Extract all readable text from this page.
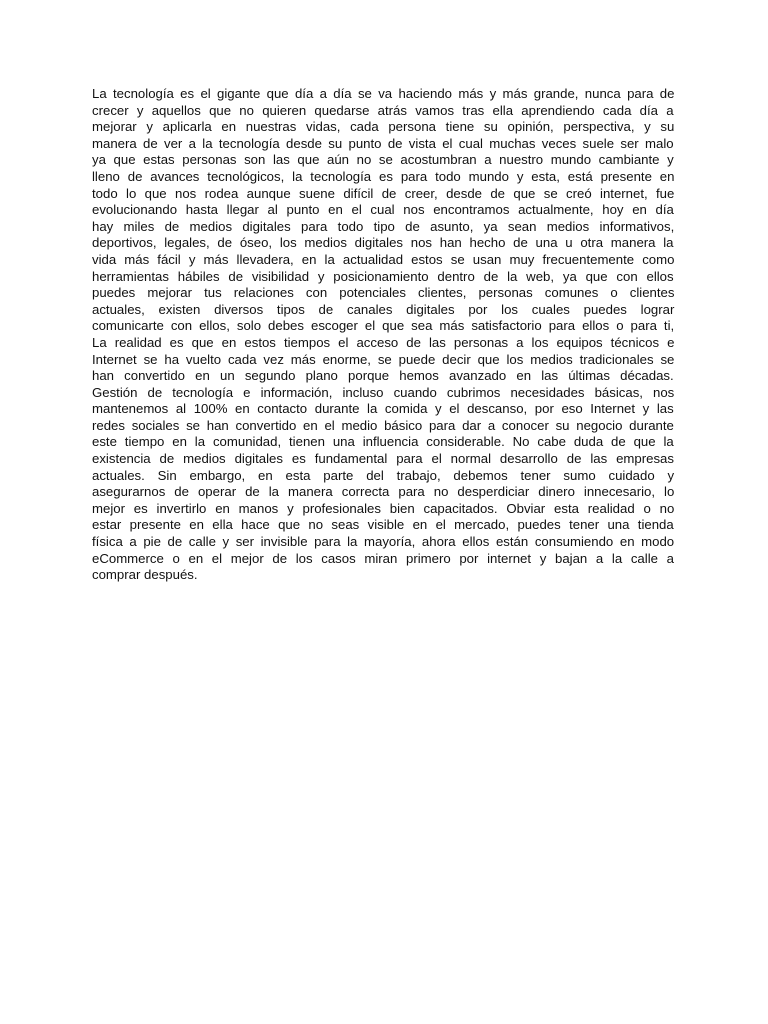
La tecnología es el gigante que día a día se va haciendo más y más grande, nunca para de
crecer y aquellos que no quieren quedarse atrás vamos tras ella aprendiendo cada día a
mejorar y aplicarla en nuestras vidas, cada persona tiene su opinión, perspectiva, y su
manera de ver a la tecnología desde su punto de vista el cual muchas veces suele ser malo
ya que estas personas son las que aún no se acostumbran a nuestro mundo cambiante y
lleno de avances tecnológicos, la tecnología es para todo mundo y esta, está presente en
todo lo que nos rodea aunque suene difícil de creer, desde de que se creó internet, fue
evolucionando hasta llegar al punto en el cual nos encontramos actualmente, hoy en día
hay miles de medios digitales para todo tipo de asunto, ya sean medios informativos,
deportivos, legales, de óseo, los medios digitales nos han hecho de una u otra manera la
vida más fácil y más llevadera, en la actualidad estos se usan muy frecuentemente como
herramientas hábiles de visibilidad y posicionamiento dentro de la web, ya que con ellos
puedes mejorar tus relaciones con potenciales clientes, personas comunes o clientes
actuales, existen diversos tipos de canales digitales por los cuales puedes lograr
comunicarte con ellos, solo debes escoger el que sea más satisfactorio para ellos o para ti,
La realidad es que en estos tiempos el acceso de las personas a los equipos técnicos e
Internet se ha vuelto cada vez más enorme, se puede decir que los medios tradicionales se
han convertido en un segundo plano porque hemos avanzado en las últimas décadas.
Gestión de tecnología e información, incluso cuando cubrimos necesidades básicas, nos
mantenemos al 100% en contacto durante la comida y el descanso, por eso Internet y las
redes sociales se han convertido en el medio básico para dar a conocer su negocio durante
este tiempo en la comunidad, tienen una influencia considerable. No cabe duda de que la
existencia de medios digitales es fundamental para el normal desarrollo de las empresas
actuales. Sin embargo, en esta parte del trabajo, debemos tener sumo cuidado y
asegurarnos de operar de la manera correcta para no desperdiciar dinero innecesario, lo
mejor es invertirlo en manos y profesionales bien capacitados. Obviar esta realidad o no
estar presente en ella hace que no seas visible en el mercado, puedes tener una tienda
física a pie de calle y ser invisible para la mayoría, ahora ellos están consumiendo en modo
eCommerce o en el mejor de los casos miran primero por internet y bajan a la calle a
comprar después.
